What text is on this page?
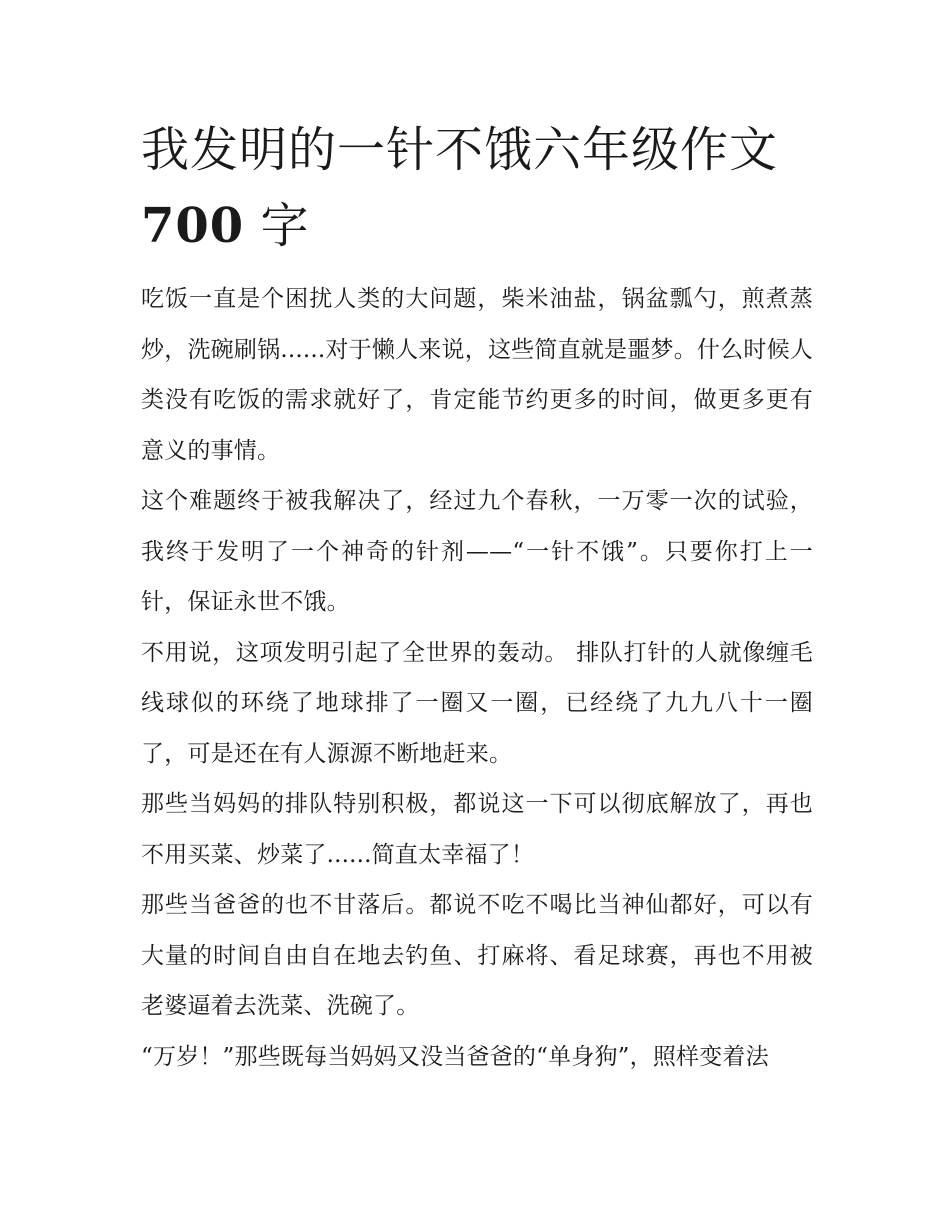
我发明的一针不饿六年级作文700 字

吃饭一直是个困扰人类的大问题，柴米油盐，锅盆瓢勺，煎煮蒸炒，洗碗刷锅......对于懒人来说，这些简直就是噩梦。什么时候人类没有吃饭的需求就好了，肯定能节约更多的时间，做更多更有意义的事情。

这个难题终于被我解决了，经过九个春秋，一万零一次的试验，我终于发明了一个神奇的针剂——“一针不饿”。只要你打上一针，保证永世不饿。

不用说，这项发明引起了全世界的轰动。 排队打针的人就像缠毛线球似的环绕了地球排了一圈又一圈，已经绕了九九八十一圈了，可是还在有人源源不断地赶来。

那些当妈妈的排队特别积极，都说这一下可以彻底解放了，再也不用买菜、炒菜了......简直太幸福了！

那些当爸爸的也不甘落后。都说不吃不喝比当神仙都好，可以有大量的时间自由自在地去钓鱼、打麻将、看足球赛，再也不用被老婆逼着去洗菜、洗碗了。

“万岁！”那些既每当妈妈又没当爸爸的“单身狗”，照样变着法
